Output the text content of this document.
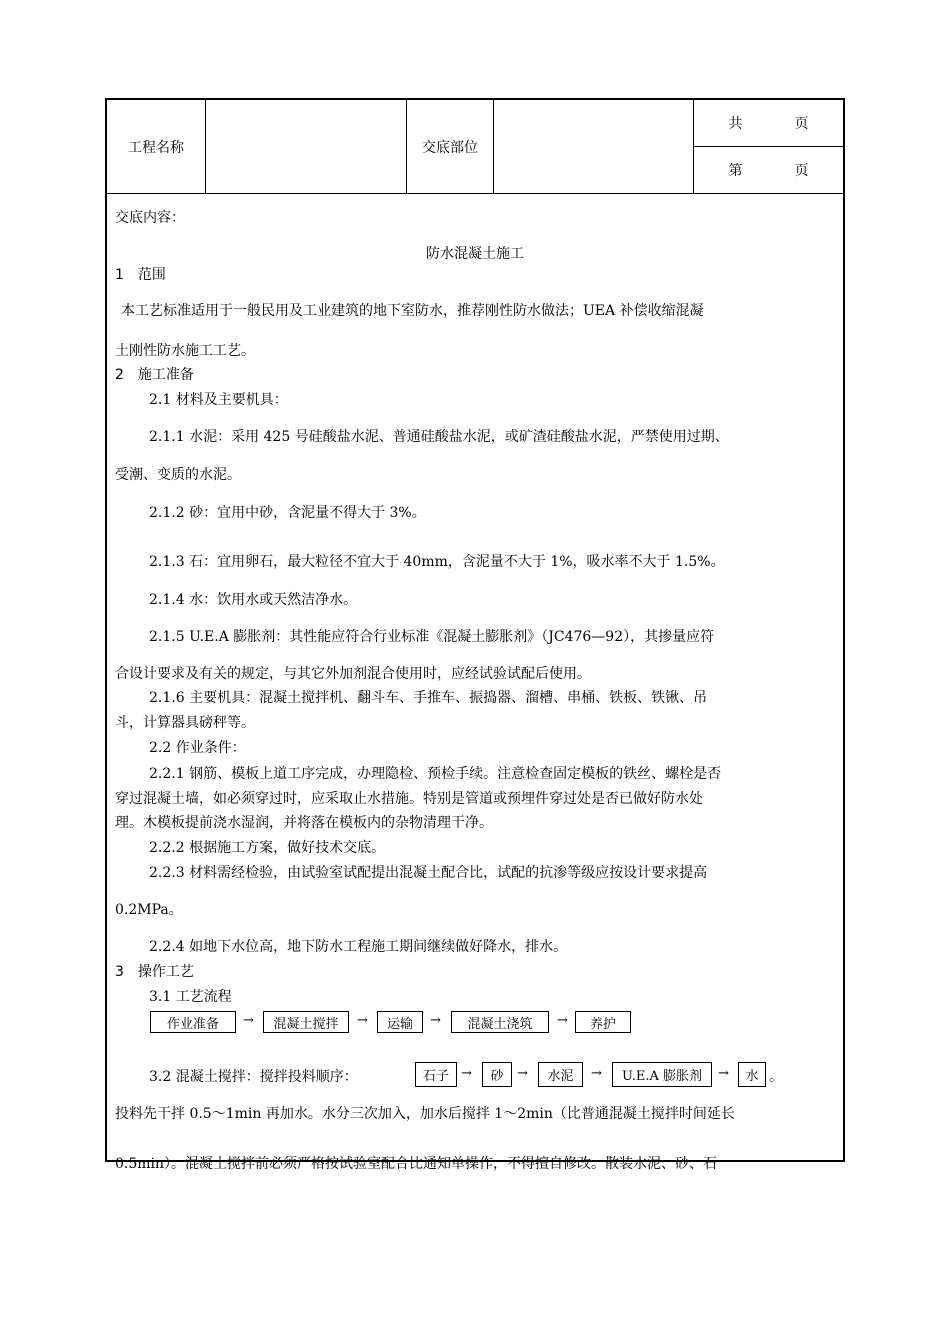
工程名称	交底部位
共	页
第	页
交底内容：
防水混凝土施工
1　范围
本工艺标准适用于一般民用及工业建筑的地下室防水，推荐刚性防水做法；UEA 补偿收缩混凝
土刚性防水施工工艺。
2　施工准备
2.1 材料及主要机具：
2.1.1 水泥：采用 425 号硅酸盐水泥、普通硅酸盐水泥，或矿渣硅酸盐水泥，严禁使用过期、
受潮、变质的水泥。
2.1.2 砂：宜用中砂，含泥量不得大于 3%。
2.1.3 石：宜用卵石，最大粒径不宜大于 40mm，含泥量不大于 1%，吸水率不大于 1.5%。
2.1.4 水：饮用水或天然洁净水。
2.1.5 U.E.A 膨胀剂：其性能应符合行业标准《混凝土膨胀剂》（JC476—92），其掺量应符
合设计要求及有关的规定，与其它外加剂混合使用时，应经试验试配后使用。
2.1.6 主要机具：混凝土搅拌机、翻斗车、手推车、振捣器、溜槽、串桶、铁板、铁锹、吊
斗，计算器具磅秤等。
2.2 作业条件：
2.2.1 钢筋、模板上道工序完成，办理隐检、预检手续。注意检查固定模板的铁丝、螺栓是否
穿过混凝土墙，如必须穿过时，应采取止水措施。特别是管道或预埋件穿过处是否已做好防水处
理。木模板提前浇水湿润，并将落在模板内的杂物清理干净。
2.2.2 根据施工方案，做好技术交底。
2.2.3 材料需经检验，由试验室试配提出混凝土配合比，试配的抗渗等级应按设计要求提高
0.2MPa。
2.2.4 如地下水位高，地下防水工程施工期间继续做好降水，排水。
3　操作工艺
3.1 工艺流程
作业准备 → 混凝土搅拌 → 运输 → 混凝土浇筑 → 养护
3.2 混凝土搅拌：搅拌投料顺序：	石子 → 砂 → 水泥 → U.E.A 膨胀剂 → 水 。
投料先干拌 0.5～1min 再加水。水分三次加入，加水后搅拌 1～2min（比普通混凝土搅拌时间延长
0.5min）。混凝土搅拌前必须严格按试验室配合比通知单操作，不得擅自修改。散装水泥、砂、石
